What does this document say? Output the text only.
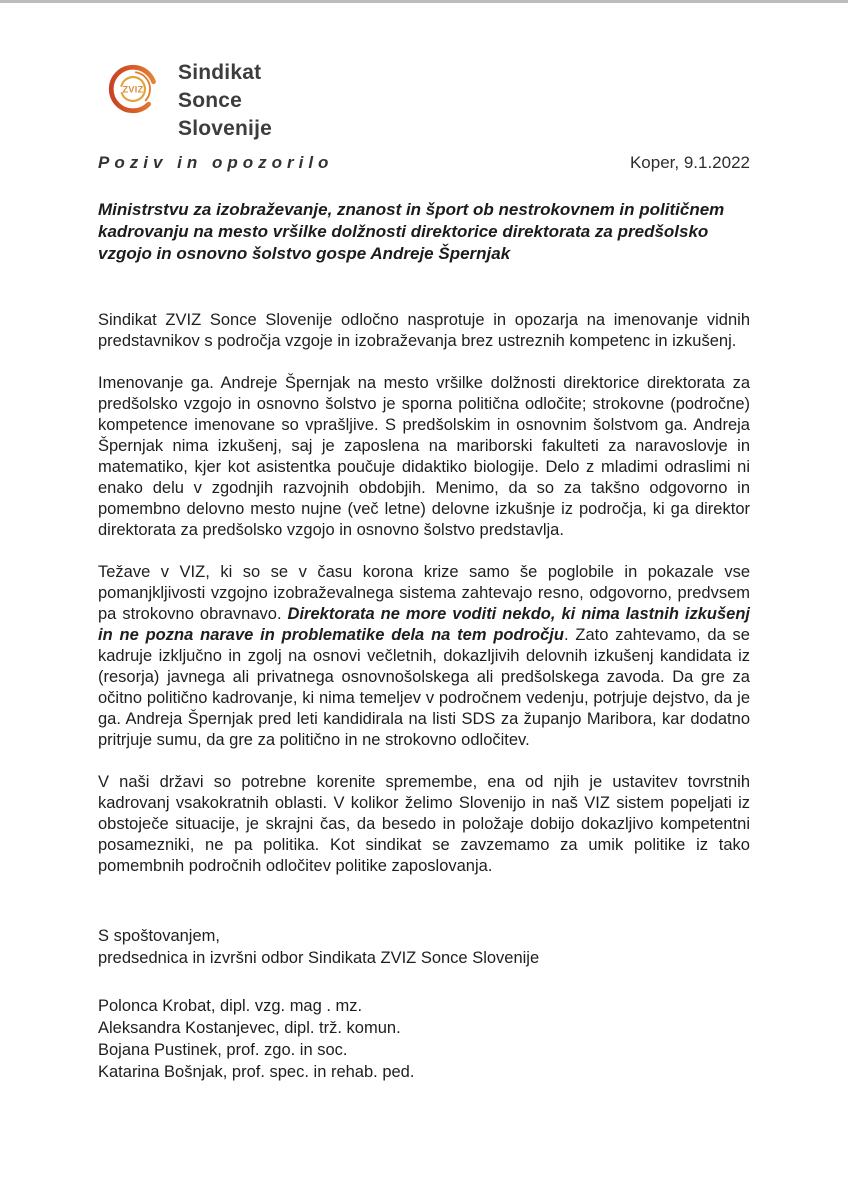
ZVIZ
Sindikat
Sonce
Slovenije
Poziv in opozorilo	Koper, 9.1.2022
Ministrstvu za izobraževanje, znanost in šport ob nestrokovnem in političnem kadrovanju na mesto vršilke dolžnosti direktorice direktorata za predšolsko vzgojo in osnovno šolstvo gospe Andreje Špernjak

Sindikat ZVIZ Sonce Slovenije odločno nasprotuje in opozarja na imenovanje vidnih predstavnikov s področja vzgoje in izobraževanja brez ustreznih kompetenc in izkušenj.

Imenovanje ga. Andreje Špernjak na mesto vršilke dolžnosti direktorice direktorata za predšolsko vzgojo in osnovno šolstvo je sporna politična odločite; strokovne (področne) kompetence imenovane so vprašljive. S predšolskim in osnovnim šolstvom ga. Andreja Špernjak nima izkušenj, saj je zaposlena na mariborski fakulteti za naravoslovje in matematiko, kjer kot asistentka poučuje didaktiko biologije. Delo z mladimi odraslimi ni enako delu v zgodnjih razvojnih obdobjih. Menimo, da so za takšno odgovorno in pomembno delovno mesto nujne (več letne) delovne izkušnje iz področja, ki ga direktor direktorata za predšolsko vzgojo in osnovno šolstvo predstavlja.

Težave v VIZ, ki so se v času korona krize samo še poglobile in pokazale vse pomanjkljivosti vzgojno izobraževalnega sistema zahtevajo resno, odgovorno, predvsem pa strokovno obravnavo. Direktorata ne more voditi nekdo, ki nima lastnih izkušenj in ne pozna narave in problematike dela na tem področju. Zato zahtevamo, da se kadruje izključno in zgolj na osnovi večletnih, dokazljivih delovnih izkušenj kandidata iz (resorja) javnega ali privatnega osnovnošolskega ali predšolskega zavoda. Da gre za očitno politično kadrovanje, ki nima temeljev v področnem vedenju, potrjuje dejstvo, da je ga. Andreja Špernjak pred leti kandidirala na listi SDS za županjo Maribora, kar dodatno pritrjuje sumu, da gre za politično in ne strokovno odločitev.

V naši državi so potrebne korenite spremembe, ena od njih je ustavitev tovrstnih kadrovanj vsakokratnih oblasti. V kolikor želimo Slovenijo in naš VIZ sistem popeljati iz obstoječe situacije, je skrajni čas, da besedo in položaje dobijo dokazljivo kompetentni posamezniki, ne pa politika. Kot sindikat se zavzemamo za umik politike iz tako pomembnih področnih odločitev politike zaposlovanja.

S spoštovanjem,
predsednica in izvršni odbor Sindikata ZVIZ Sonce Slovenije
Polonca Krobat, dipl. vzg. mag . mz.
Aleksandra Kostanjevec, dipl. trž. komun.
Bojana Pustinek, prof. zgo. in soc.
Katarina Bošnjak, prof. spec. in rehab. ped.
